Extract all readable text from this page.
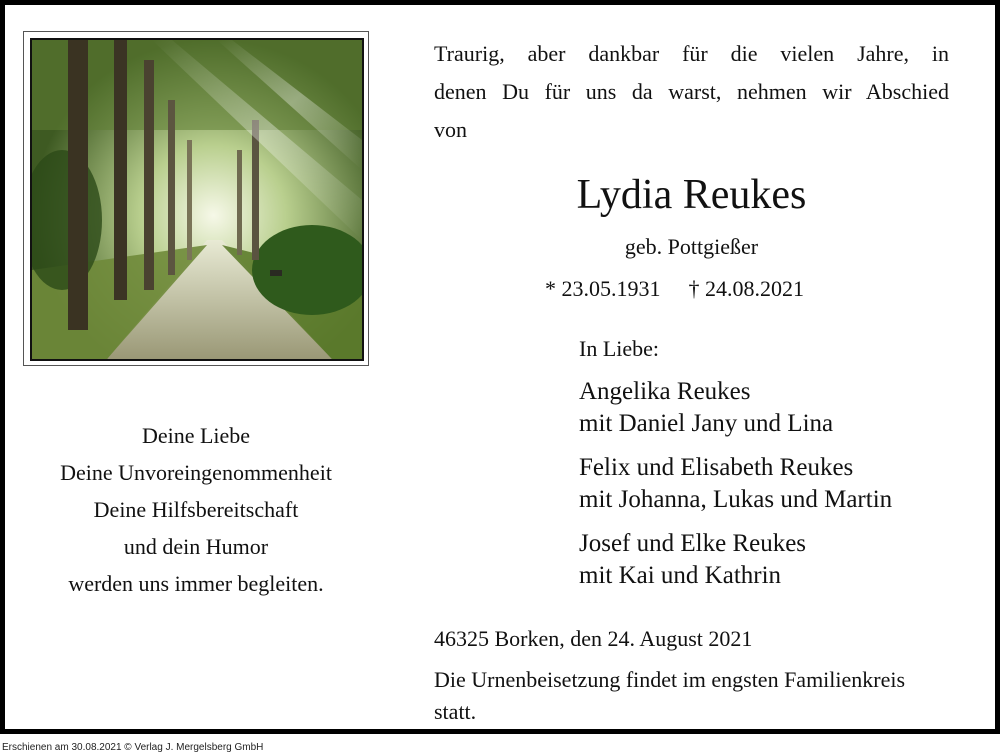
Deine Liebe
Deine Unvoreingenommenheit
Deine Hilfsbereitschaft
und dein Humor
werden uns immer begleiten.
Traurig, aber dankbar für die vielen Jahre, in
denen Du für uns da warst, nehmen wir Abschied
von
Lydia Reukes
geb. Pottgießer
* 23.05.1931 † 24.08.2021
In Liebe:
Angelika Reukes
mit Daniel Jany und Lina
Felix und Elisabeth Reukes
mit Johanna, Lukas und Martin
Josef und Elke Reukes
mit Kai und Kathrin
46325 Borken, den 24. August 2021
Die Urnenbeisetzung findet im engsten Familienkreis
statt.
Erschienen am 30.08.2021 © Verlag J. Mergelsberg GmbH
